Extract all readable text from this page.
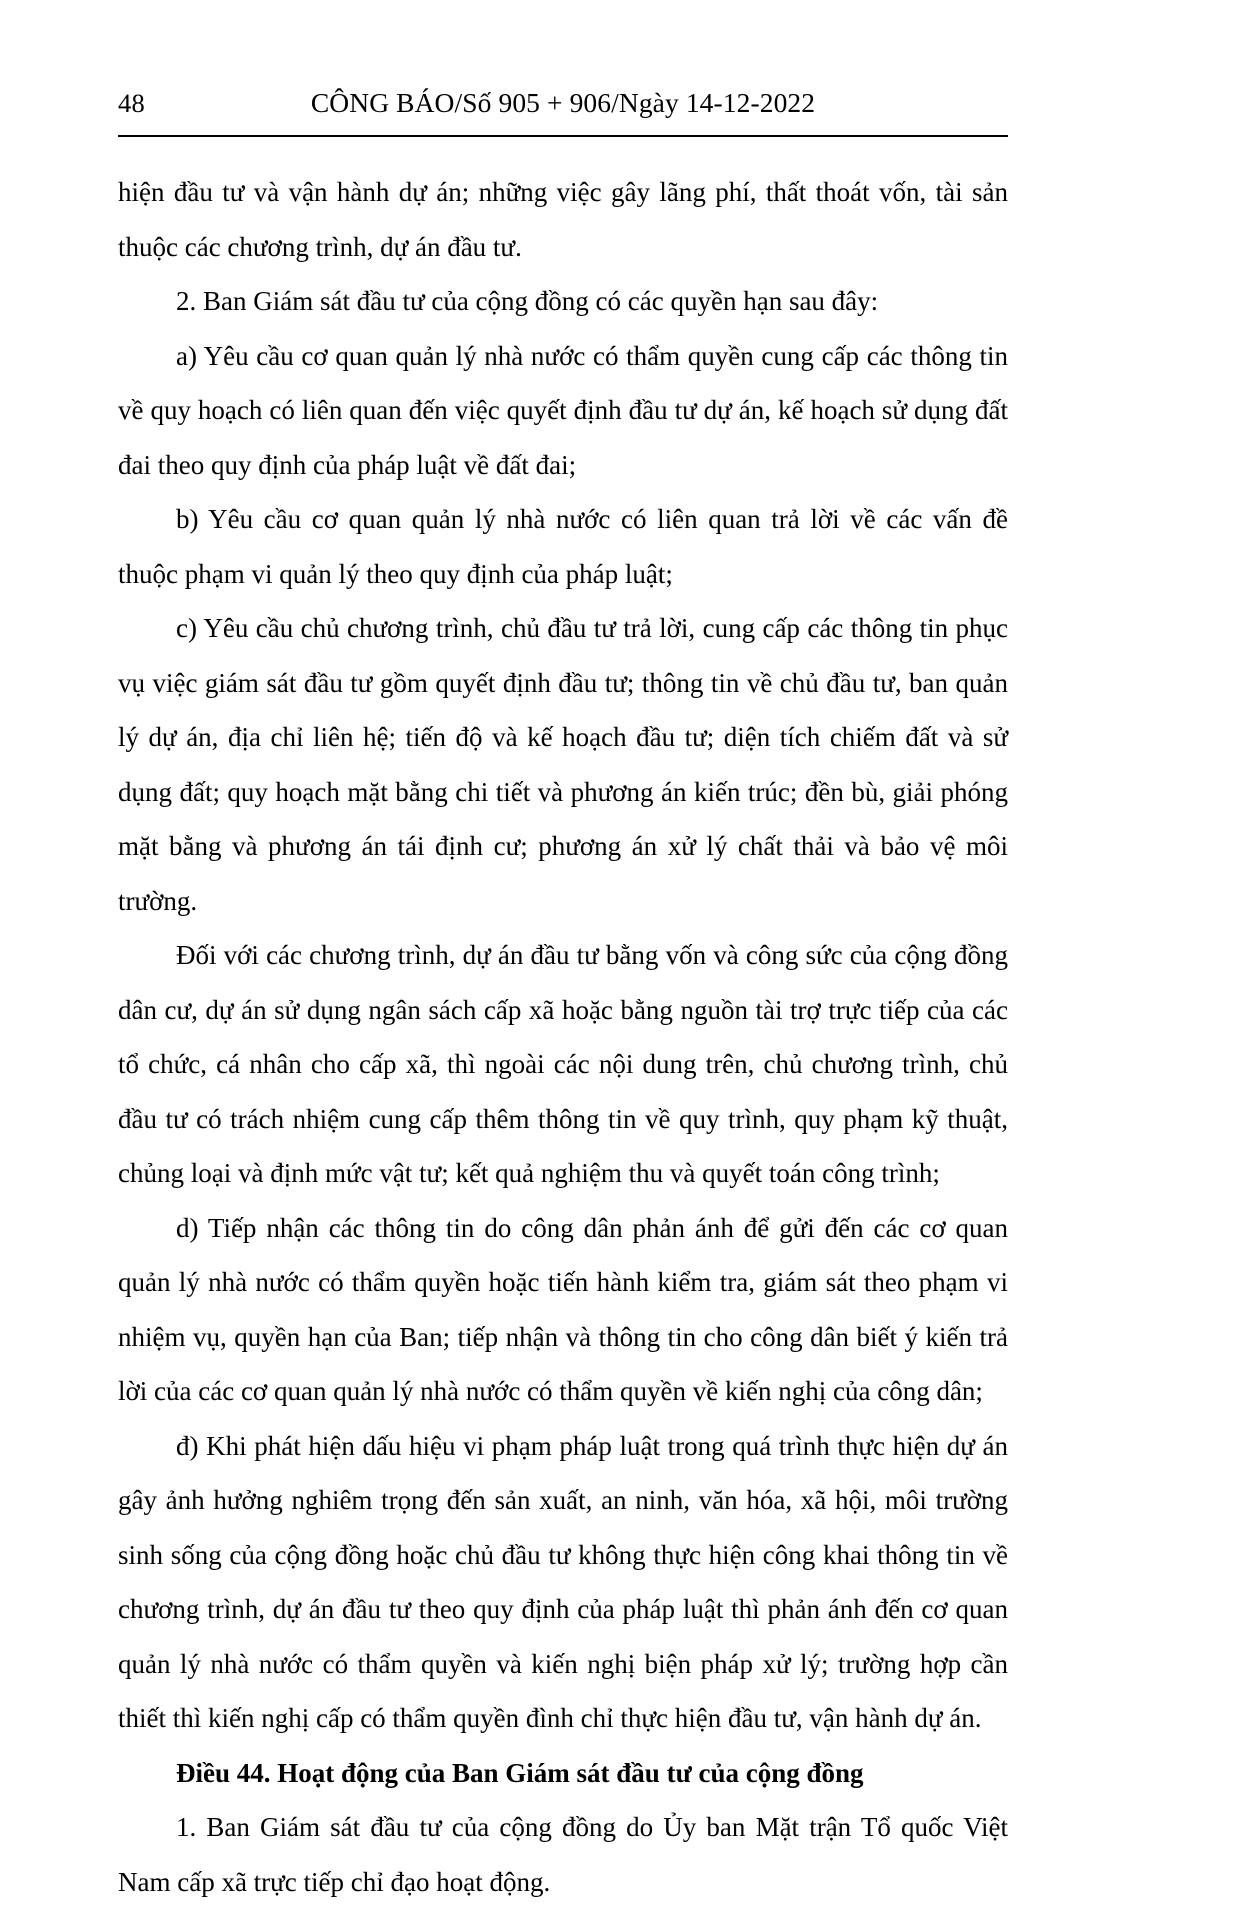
48	CÔNG BÁO/Số 905 + 906/Ngày 14-12-2022

hiện đầu tư và vận hành dự án; những việc gây lãng phí, thất thoát vốn, tài sản thuộc các chương trình, dự án đầu tư.

2. Ban Giám sát đầu tư của cộng đồng có các quyền hạn sau đây:

a) Yêu cầu cơ quan quản lý nhà nước có thẩm quyền cung cấp các thông tin về quy hoạch có liên quan đến việc quyết định đầu tư dự án, kế hoạch sử dụng đất đai theo quy định của pháp luật về đất đai;

b) Yêu cầu cơ quan quản lý nhà nước có liên quan trả lời về các vấn đề thuộc phạm vi quản lý theo quy định của pháp luật;

c) Yêu cầu chủ chương trình, chủ đầu tư trả lời, cung cấp các thông tin phục vụ việc giám sát đầu tư gồm quyết định đầu tư; thông tin về chủ đầu tư, ban quản lý dự án, địa chỉ liên hệ; tiến độ và kế hoạch đầu tư; diện tích chiếm đất và sử dụng đất; quy hoạch mặt bằng chi tiết và phương án kiến trúc; đền bù, giải phóng mặt bằng và phương án tái định cư; phương án xử lý chất thải và bảo vệ môi trường.

Đối với các chương trình, dự án đầu tư bằng vốn và công sức của cộng đồng dân cư, dự án sử dụng ngân sách cấp xã hoặc bằng nguồn tài trợ trực tiếp của các tổ chức, cá nhân cho cấp xã, thì ngoài các nội dung trên, chủ chương trình, chủ đầu tư có trách nhiệm cung cấp thêm thông tin về quy trình, quy phạm kỹ thuật, chủng loại và định mức vật tư; kết quả nghiệm thu và quyết toán công trình;

d) Tiếp nhận các thông tin do công dân phản ánh để gửi đến các cơ quan quản lý nhà nước có thẩm quyền hoặc tiến hành kiểm tra, giám sát theo phạm vi nhiệm vụ, quyền hạn của Ban; tiếp nhận và thông tin cho công dân biết ý kiến trả lời của các cơ quan quản lý nhà nước có thẩm quyền về kiến nghị của công dân;

đ) Khi phát hiện dấu hiệu vi phạm pháp luật trong quá trình thực hiện dự án gây ảnh hưởng nghiêm trọng đến sản xuất, an ninh, văn hóa, xã hội, môi trường sinh sống của cộng đồng hoặc chủ đầu tư không thực hiện công khai thông tin về chương trình, dự án đầu tư theo quy định của pháp luật thì phản ánh đến cơ quan quản lý nhà nước có thẩm quyền và kiến nghị biện pháp xử lý; trường hợp cần thiết thì kiến nghị cấp có thẩm quyền đình chỉ thực hiện đầu tư, vận hành dự án.

Điều 44. Hoạt động của Ban Giám sát đầu tư của cộng đồng

1. Ban Giám sát đầu tư của cộng đồng do Ủy ban Mặt trận Tổ quốc Việt Nam cấp xã trực tiếp chỉ đạo hoạt động.
